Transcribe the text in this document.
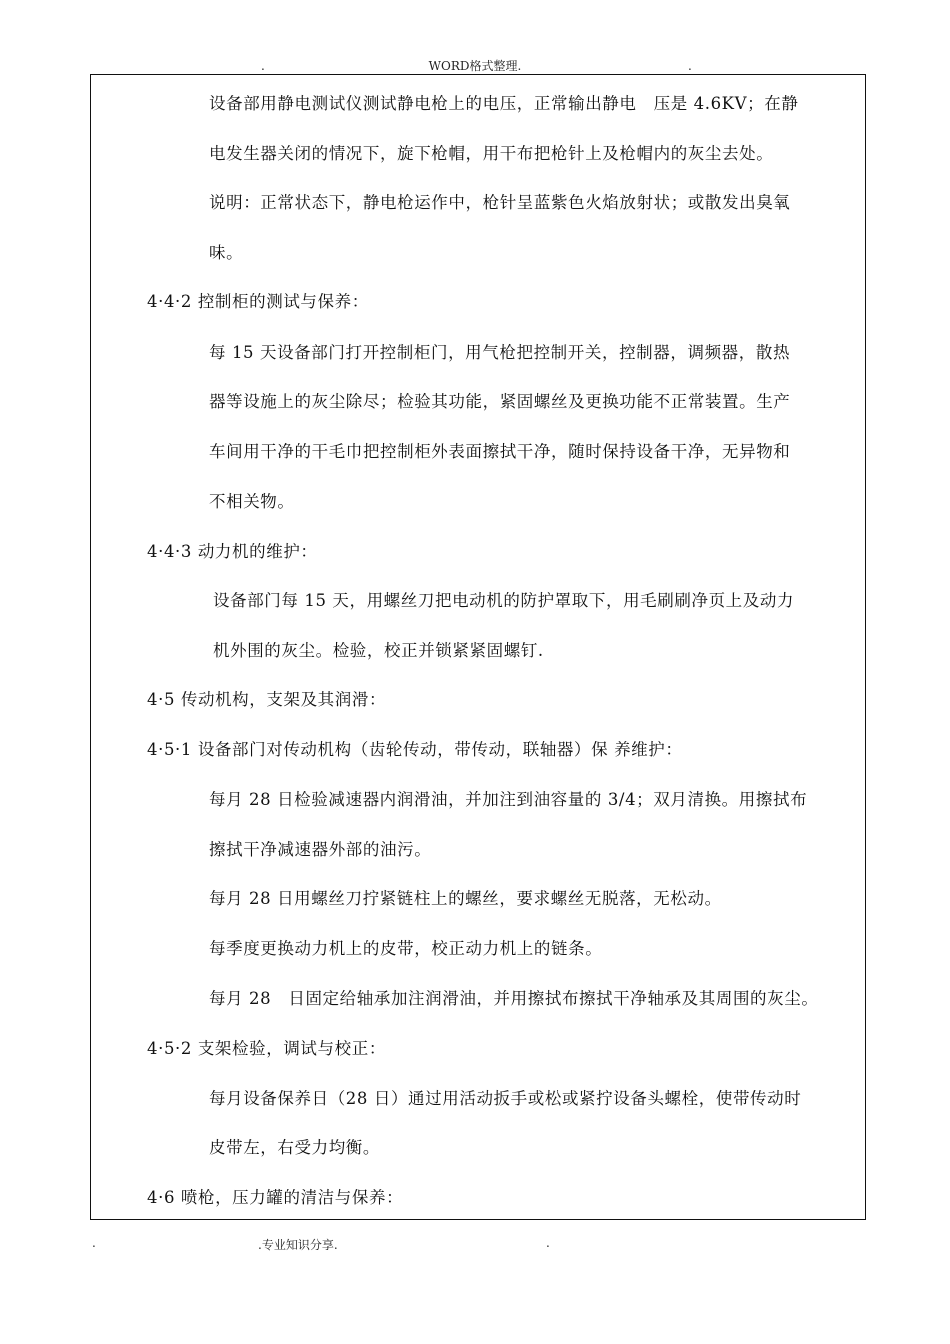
.	WORD格式整理.	.
设备部用静电测试仪测试静电枪上的电压，正常输出静电　压是 4.6KV；在静
电发生器关闭的情况下，旋下枪帽，用干布把枪针上及枪帽内的灰尘去处。
说明：正常状态下，静电枪运作中，枪针呈蓝紫色火焰放射状；或散发出臭氧
味。
4·4·2 控制柜的测试与保养：
每 15 天设备部门打开控制柜门，用气枪把控制开关，控制器，调频器，散热
器等设施上的灰尘除尽；检验其功能，紧固螺丝及更换功能不正常装置。生产
车间用干净的干毛巾把控制柜外表面擦拭干净，随时保持设备干净，无异物和
不相关物。
4·4·3 动力机的维护：
设备部门每 15 天，用螺丝刀把电动机的防护罩取下，用毛刷刷净页上及动力
机外围的灰尘。检验，校正并锁紧紧固螺钉.
4·5 传动机构，支架及其润滑：
4·5·1 设备部门对传动机构（齿轮传动，带传动，联轴器）保 养维护：
每月 28 日检验减速器内润滑油，并加注到油容量的 3/4；双月清换。用擦拭布
擦拭干净减速器外部的油污。
每月 28 日用螺丝刀拧紧链柱上的螺丝，要求螺丝无脱落，无松动。
每季度更换动力机上的皮带，校正动力机上的链条。
每月 28　日固定给轴承加注润滑油，并用擦拭布擦拭干净轴承及其周围的灰尘。
4·5·2 支架检验，调试与校正：
每月设备保养日（28 日）通过用活动扳手或松或紧拧设备头螺栓，使带传动时
皮带左，右受力均衡。
4·6 喷枪，压力罐的清洁与保养：
.	.专业知识分享.	.
